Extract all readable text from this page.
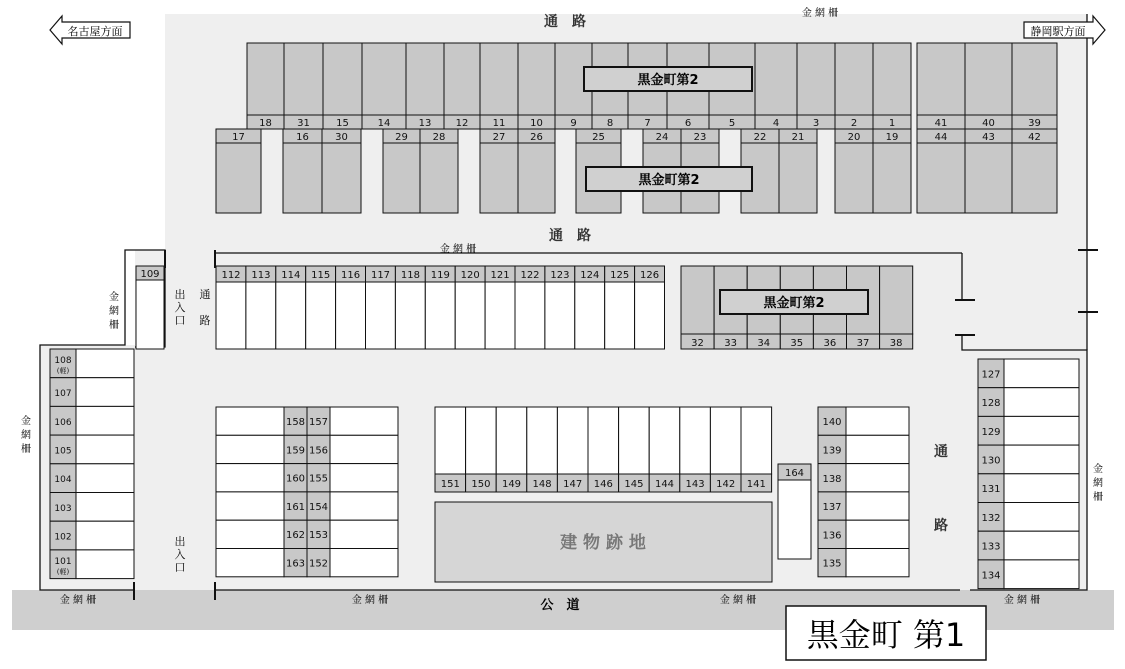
公　道
名古屋方面	静岡駅方面
通　路
通　路
通
路
通
路
金 網 柵
金 網 柵
金 網 柵	金 網 柵	金 網 柵	金 網 柵
金
網
柵
金
網
柵
金
網
柵
出
入
口
出
入
口
建 物 跡 地
18	31	15	14	13 12 11 10	9	8	7	6	5	4	3	2	1
17	16	30	29 28	27 26	25	24	23	22	21	20	19
41	40	39
44	43	42
112 113 114 115 116 117 118 119 120 121 122 123 124 125 126
109
32 33 34 35 36 37 38
108
(軽)
107
106
105
104
103
102
101
(軽)
158
159
160
161
162
163
157
156
155
154
153
152
151 150 149 148 147 146 145 144 143 142 141
164
140
139
138
137
136
135
127
128
129
130
131
132
133
134
黒金町第2
黒金町第2
黒金町第2
黒金町 第1
